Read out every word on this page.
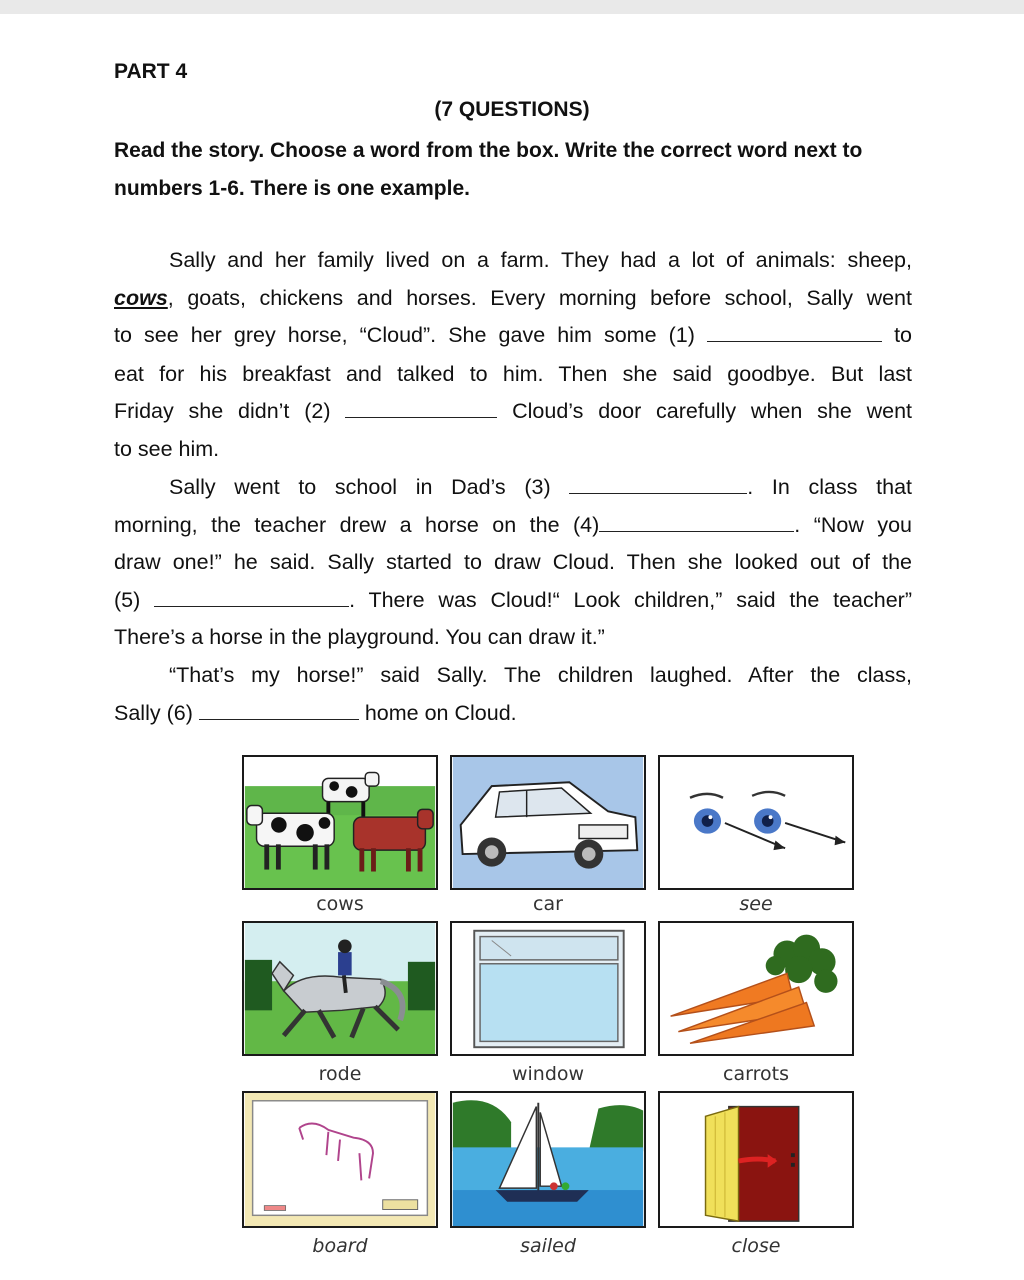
PART 4
(7 QUESTIONS)
Read the story. Choose a word from the box. Write the correct word next to numbers 1-6. There is one example.
Sally and her family lived on a farm. They had a lot of animals: sheep,
cows, goats, chickens and horses. Every morning before school, Sally went
to see her grey horse, “Cloud”. She gave him some (1)	to
eat for his breakfast and talked to him. Then she said goodbye. But last
Friday she didn’t (2)	Cloud’s door carefully when she went
to see him.
Sally went to school in Dad’s (3)	. In class that
morning, the teacher drew a horse on the (4)	. “Now you
draw one!” he said. Sally started to draw Cloud. Then she looked out of the
(5)	. There was Cloud!“ Look children,” said the teacher”
There’s a horse in the playground. You can draw it.”
“That’s my horse!” said Sally. The children laughed. After the class,
Sally (6)	home on Cloud.
cows	car	see
rode	window	carrots
board	sailed	close
